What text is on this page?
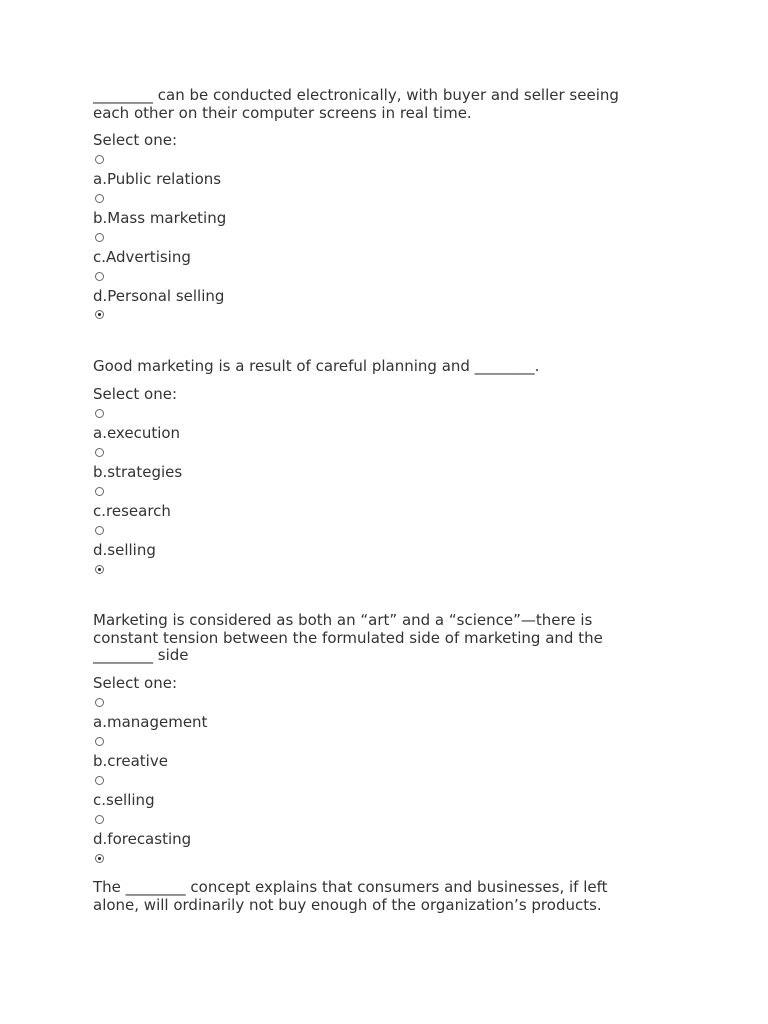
________ can be conducted electronically, with buyer and seller seeing each other on their computer screens in real time.

Select one:

a.Public relations
b.Mass marketing
c.Advertising
d.Personal selling

Good marketing is a result of careful planning and ________.

Select one:

a.execution
b.strategies
c.research
d.selling

Marketing is considered as both an “art” and a “science”—there is constant tension between the formulated side of marketing and the ________ side

Select one:

a.management
b.creative
c.selling
d.forecasting

The ________ concept explains that consumers and businesses, if left alone, will ordinarily not buy enough of the organization’s products.
